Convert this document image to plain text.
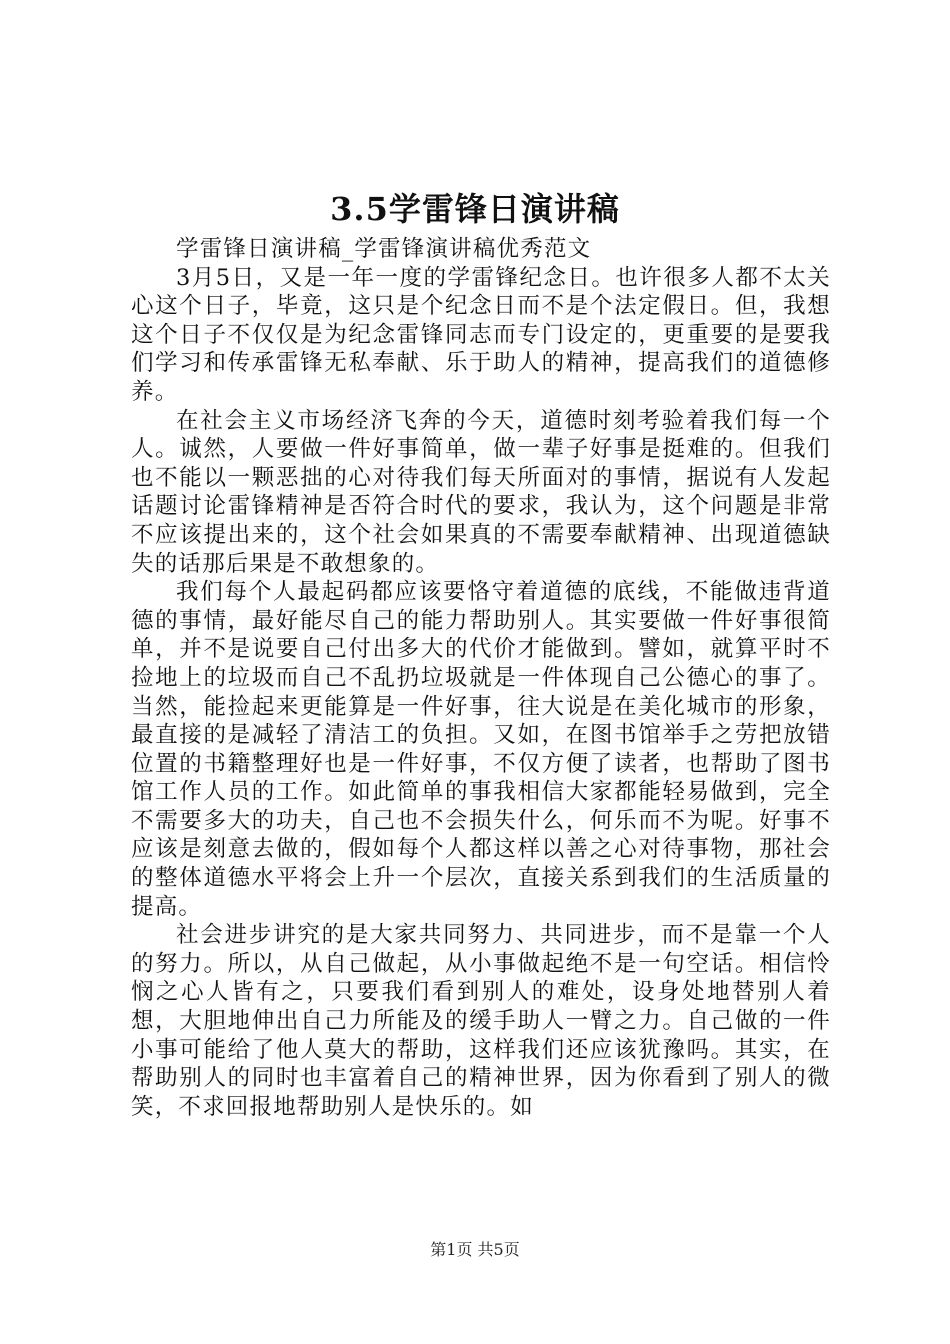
3.5学雷锋日演讲稿

学雷锋日演讲稿_学雷锋演讲稿优秀范文

3月5日，又是一年一度的学雷锋纪念日。也许很多人都不太关心这个日子，毕竟，这只是个纪念日而不是个法定假日。但，我想这个日子不仅仅是为纪念雷锋同志而专门设定的，更重要的是要我们学习和传承雷锋无私奉献、乐于助人的精神，提高我们的道德修养。

在社会主义市场经济飞奔的今天，道德时刻考验着我们每一个人。诚然，人要做一件好事简单，做一辈子好事是挺难的。但我们也不能以一颗恶拙的心对待我们每天所面对的事情，据说有人发起话题讨论雷锋精神是否符合时代的要求，我认为，这个问题是非常不应该提出来的，这个社会如果真的不需要奉献精神、出现道德缺失的话那后果是不敢想象的。

我们每个人最起码都应该要恪守着道德的底线，不能做违背道德的事情，最好能尽自己的能力帮助别人。其实要做一件好事很简单，并不是说要自己付出多大的代价才能做到。譬如，就算平时不捡地上的垃圾而自己不乱扔垃圾就是一件体现自己公德心的事了。当然，能捡起来更能算是一件好事，往大说是在美化城市的形象，最直接的是减轻了清洁工的负担。又如，在图书馆举手之劳把放错位置的书籍整理好也是一件好事，不仅方便了读者，也帮助了图书馆工作人员的工作。如此简单的事我相信大家都能轻易做到，完全不需要多大的功夫，自己也不会损失什么，何乐而不为呢。好事不应该是刻意去做的，假如每个人都这样以善之心对待事物，那社会的整体道德水平将会上升一个层次，直接关系到我们的生活质量的提高。

社会进步讲究的是大家共同努力、共同进步，而不是靠一个人的努力。所以，从自己做起，从小事做起绝不是一句空话。相信怜悯之心人皆有之，只要我们看到别人的难处，设身处地替别人着想，大胆地伸出自己力所能及的缓手助人一臂之力。自己做的一件小事可能给了他人莫大的帮助，这样我们还应该犹豫吗。其实，在帮助别人的同时也丰富着自己的精神世界，因为你看到了别人的微笑，不求回报地帮助别人是快乐的。如

第1页 共5页
